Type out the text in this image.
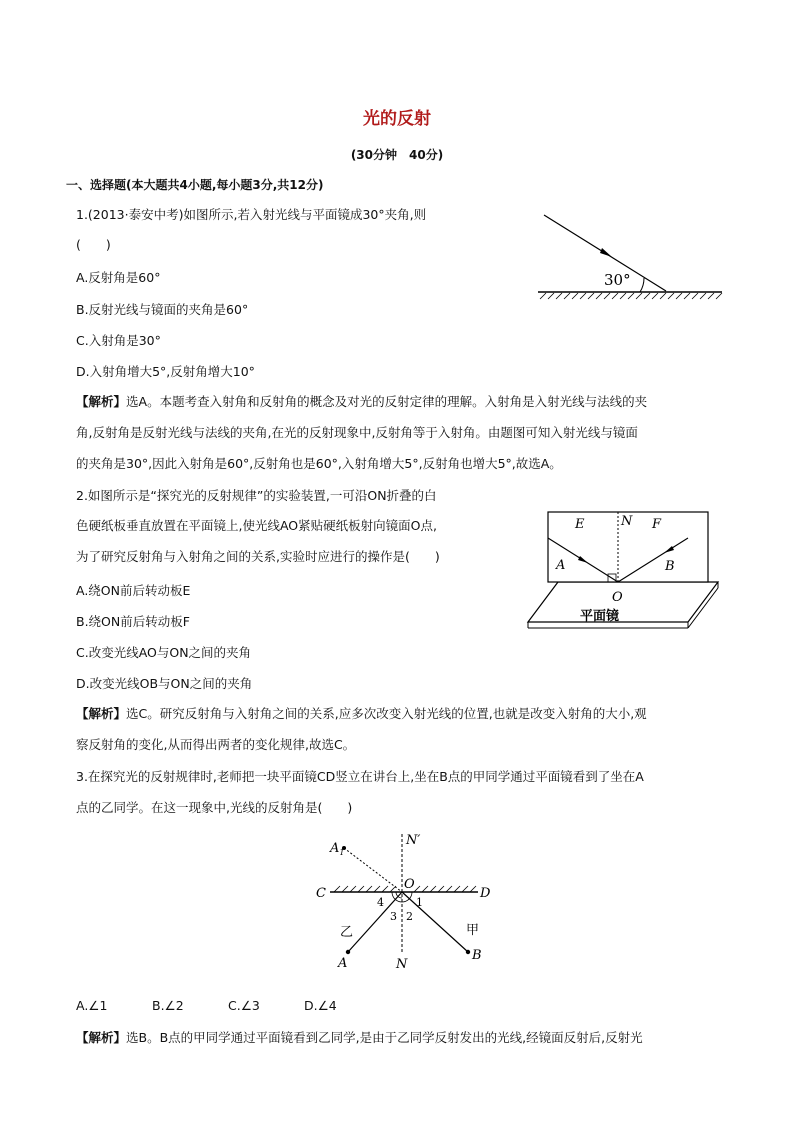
光的反射
(30分钟　40分)
一、选择题(本大题共4小题,每小题3分,共12分)
1.(2013·泰安中考)如图所示,若入射光线与平面镜成30°夹角,则
(　　)
A.反射角是60°
B.反射光线与镜面的夹角是60°
C.入射角是30°
D.入射角增大5°,反射角增大10°
30°
【解析】选A。本题考查入射角和反射角的概念及对光的反射定律的理解。入射角是入射光线与法线的夹
角,反射角是反射光线与法线的夹角,在光的反射现象中,反射角等于入射角。由题图可知入射光线与镜面
的夹角是30°,因此入射角是60°,反射角也是60°,入射角增大5°,反射角也增大5°,故选A。
2.如图所示是“探究光的反射规律”的实验装置,一可沿ON折叠的白
色硬纸板垂直放置在平面镜上,使光线AO紧贴硬纸板射向镜面O点,
为了研究反射角与入射角之间的关系,实验时应进行的操作是(　　)
A.绕ON前后转动板E
B.绕ON前后转动板F
C.改变光线AO与ON之间的夹角
D.改变光线OB与ON之间的夹角
E	N F
A	B
O
平面镜
【解析】选C。研究反射角与入射角之间的关系,应多次改变入射光线的位置,也就是改变入射角的大小,观
察反射角的变化,从而得出两者的变化规律,故选C。
3.在探究光的反射规律时,老师把一块平面镜CD竖立在讲台上,坐在B点的甲同学通过平面镜看到了坐在A
点的乙同学。在这一现象中,光线的反射角是(　　)
$A_1$
N′
O
C	D
4	1
3 2
乙	甲
A
B
N
A.∠1	B.∠2	C.∠3	D.∠4
【解析】选B。B点的甲同学通过平面镜看到乙同学,是由于乙同学反射发出的光线,经镜面反射后,反射光
